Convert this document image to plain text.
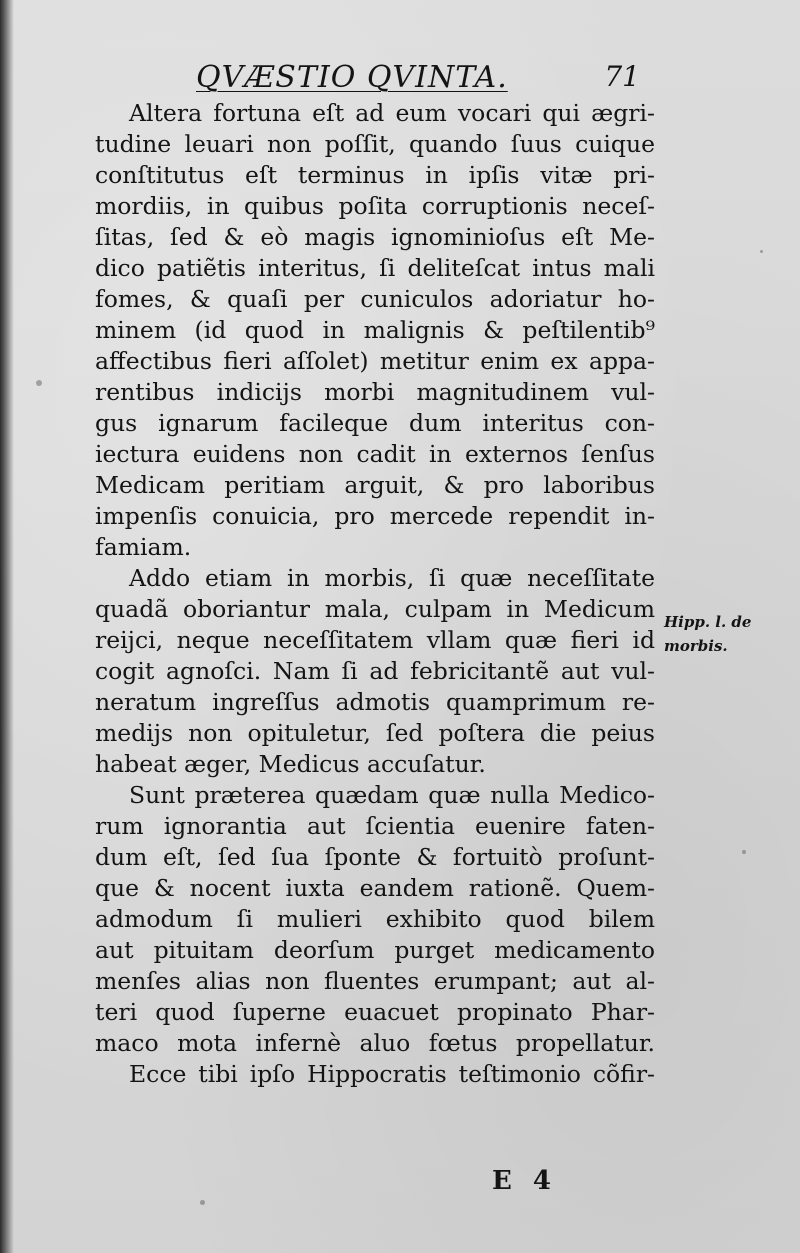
QVÆSTIO QVINTA.	71
Altera fortuna eſt ad eum vocari qui ægri-
tudine leuari non poſſit, quando ſuus cuique
conſtitutus eſt terminus in ipſis vitæ pri-
mordiis, in quibus poſita corruptionis neceſ-
ſitas, ſed & eò magis ignominioſus eſt Me-
dico patiẽtis interitus, ſi deliteſcat intus mali
fomes, & quaſi per cuniculos adoriatur ho-
minem (id quod in malignis & peſtilentib⁹
affectibus fieri aſſolet) metitur enim ex appa-
rentibus indicijs morbi magnitudinem vul-
gus ignarum facileque dum interitus con-
iectura euidens non cadit in externos ſenſus
Medicam peritiam arguit, & pro laboribus
impenſis conuicia, pro mercede rependit in-
famiam.
Addo etiam in morbis, ſi quæ neceſſitate
quadã oboriantur mala, culpam in Medicum
reijci, neque neceſſitatem vllam quæ fieri id
cogit agnoſci. Nam ſi ad febricitantẽ aut vul-
neratum ingreſſus admotis quamprimum re-
medijs non opituletur, ſed poſtera die peius
habeat æger, Medicus accuſatur.
Sunt præterea quædam quæ nulla Medico-
rum ignorantia aut ſcientia euenire faten-
dum eſt, ſed ſua ſponte & fortuitò proſunt-
que & nocent iuxta eandem rationẽ. Quem-
admodum ſi mulieri exhibito quod bilem
aut pituitam deorſum purget medicamento
menſes alias non fluentes erumpant; aut al-
teri quod ſuperne euacuet propinato Phar-
maco mota infernè aluo fœtus propellatur.
Ecce tibi ipſo Hippocratis teſtimonio cõfir-
Hipp. l. de
morbis.
E 4
